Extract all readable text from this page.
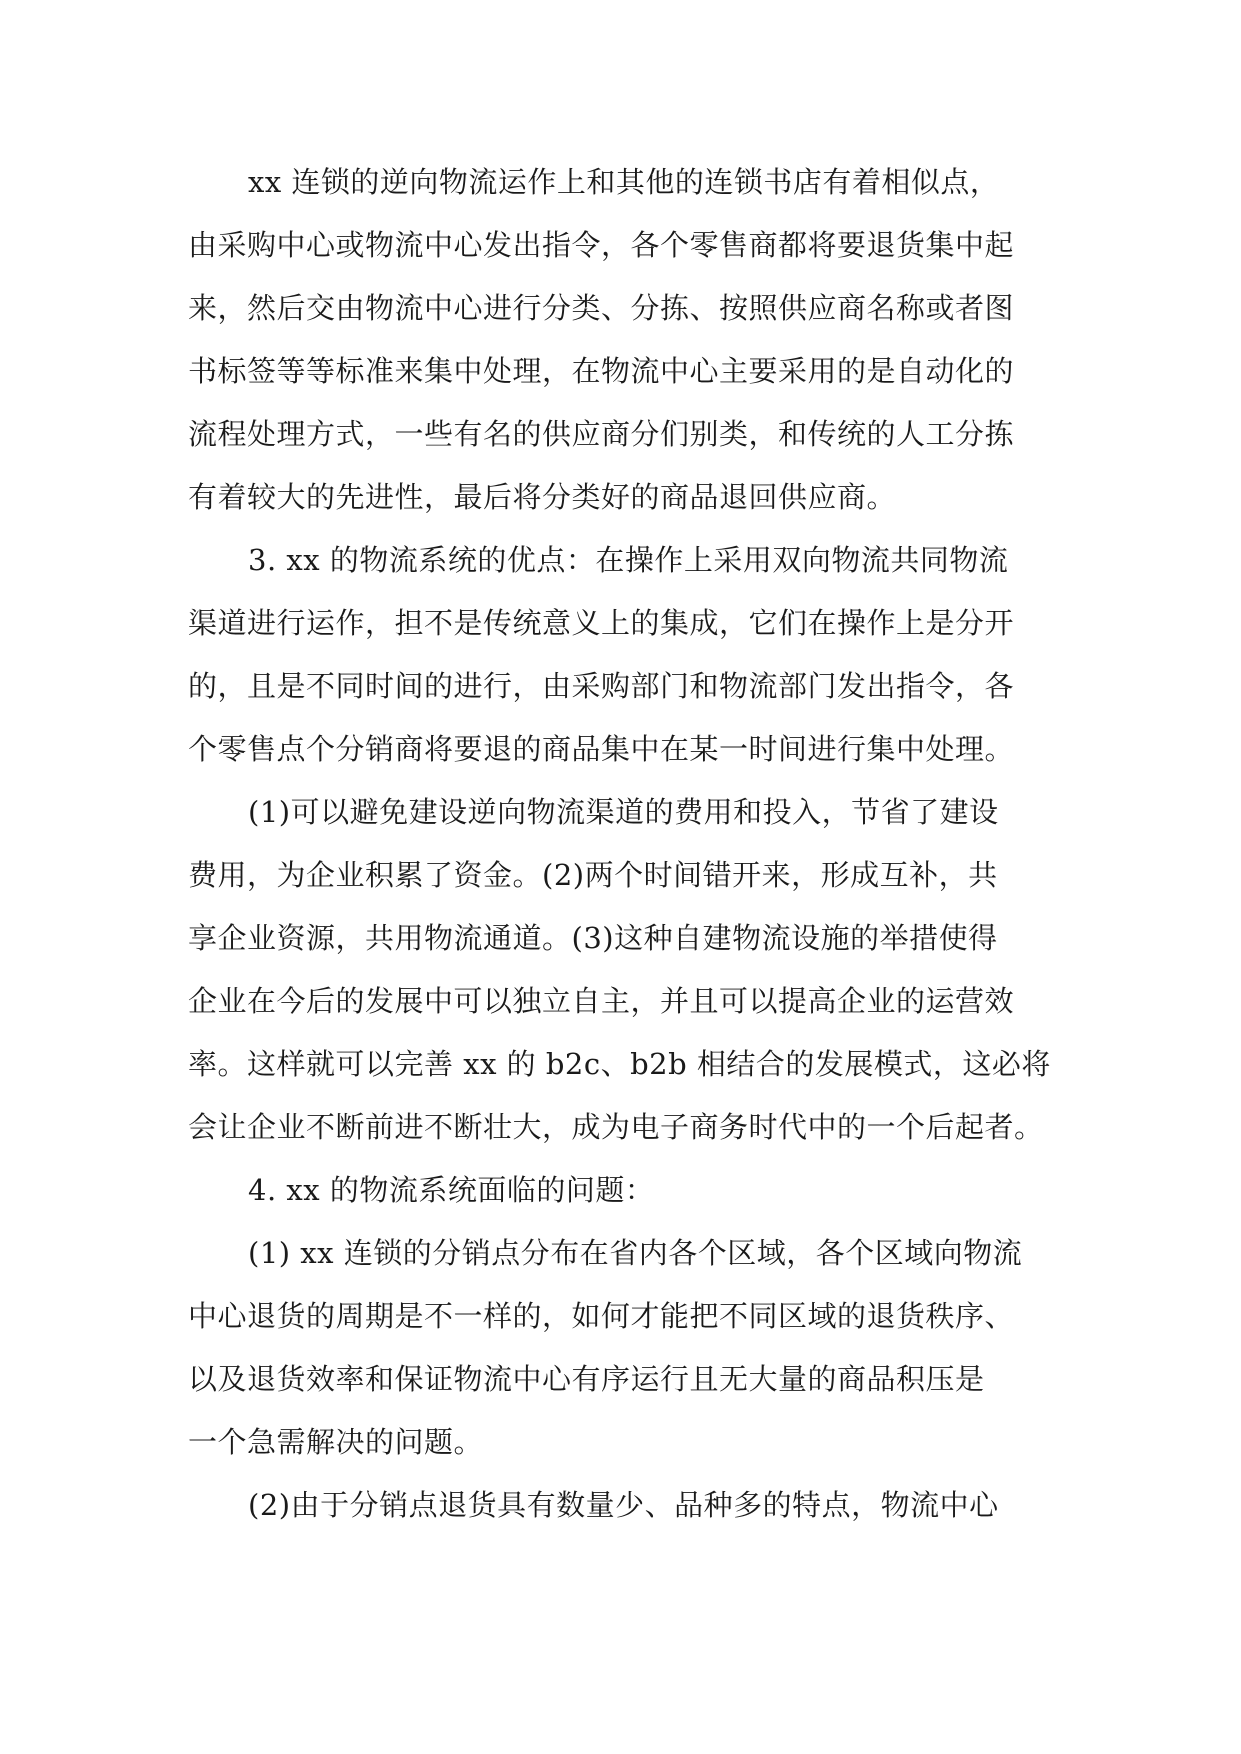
xx 连锁的逆向物流运作上和其他的连锁书店有着相似点，
由采购中心或物流中心发出指令，各个零售商都将要退货集中起
来，然后交由物流中心进行分类、分拣、按照供应商名称或者图
书标签等等标准来集中处理，在物流中心主要采用的是自动化的
流程处理方式，一些有名的供应商分们别类，和传统的人工分拣
有着较大的先进性，最后将分类好的商品退回供应商。
3. xx 的物流系统的优点：在操作上采用双向物流共同物流
渠道进行运作，担不是传统意义上的集成，它们在操作上是分开
的，且是不同时间的进行，由采购部门和物流部门发出指令，各
个零售点个分销商将要退的商品集中在某一时间进行集中处理。
(1)可以避免建设逆向物流渠道的费用和投入，节省了建设
费用，为企业积累了资金。(2)两个时间错开来，形成互补，共
享企业资源，共用物流通道。(3)这种自建物流设施的举措使得
企业在今后的发展中可以独立自主，并且可以提高企业的运营效
率。这样就可以完善 xx 的 b2c、b2b 相结合的发展模式，这必将
会让企业不断前进不断壮大，成为电子商务时代中的一个后起者。
4. xx 的物流系统面临的问题：
(1) xx 连锁的分销点分布在省内各个区域，各个区域向物流
中心退货的周期是不一样的，如何才能把不同区域的退货秩序、
以及退货效率和保证物流中心有序运行且无大量的商品积压是
一个急需解决的问题。
(2)由于分销点退货具有数量少、品种多的特点，物流中心
